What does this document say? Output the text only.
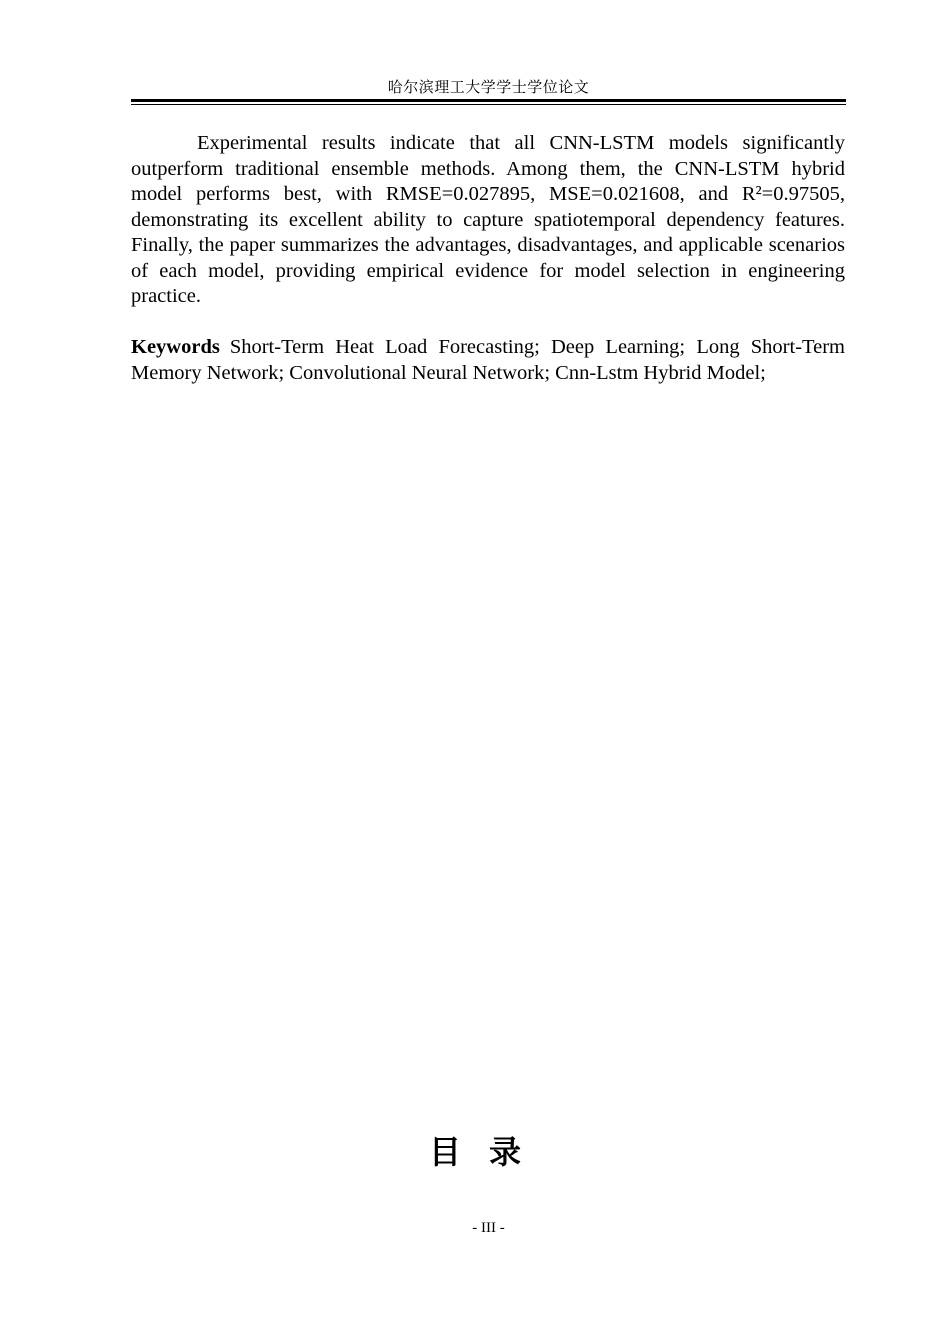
哈尔滨理工大学学士学位论文

Experimental results indicate that all CNN-LSTM models significantly outperform traditional ensemble methods. Among them, the CNN-LSTM hybrid model performs best, with RMSE=0.027895, MSE=0.021608, and R²=0.97505, demonstrating its excellent ability to capture spatiotemporal dependency features. Finally, the paper summarizes the advantages, disadvantages, and applicable scenarios of each model, providing empirical evidence for model selection in engineering practice.

Keywords Short-Term Heat Load Forecasting; Deep Learning; Long Short-Term Memory Network; Convolutional Neural Network; Cnn-Lstm Hybrid Model;

目录
- III -
